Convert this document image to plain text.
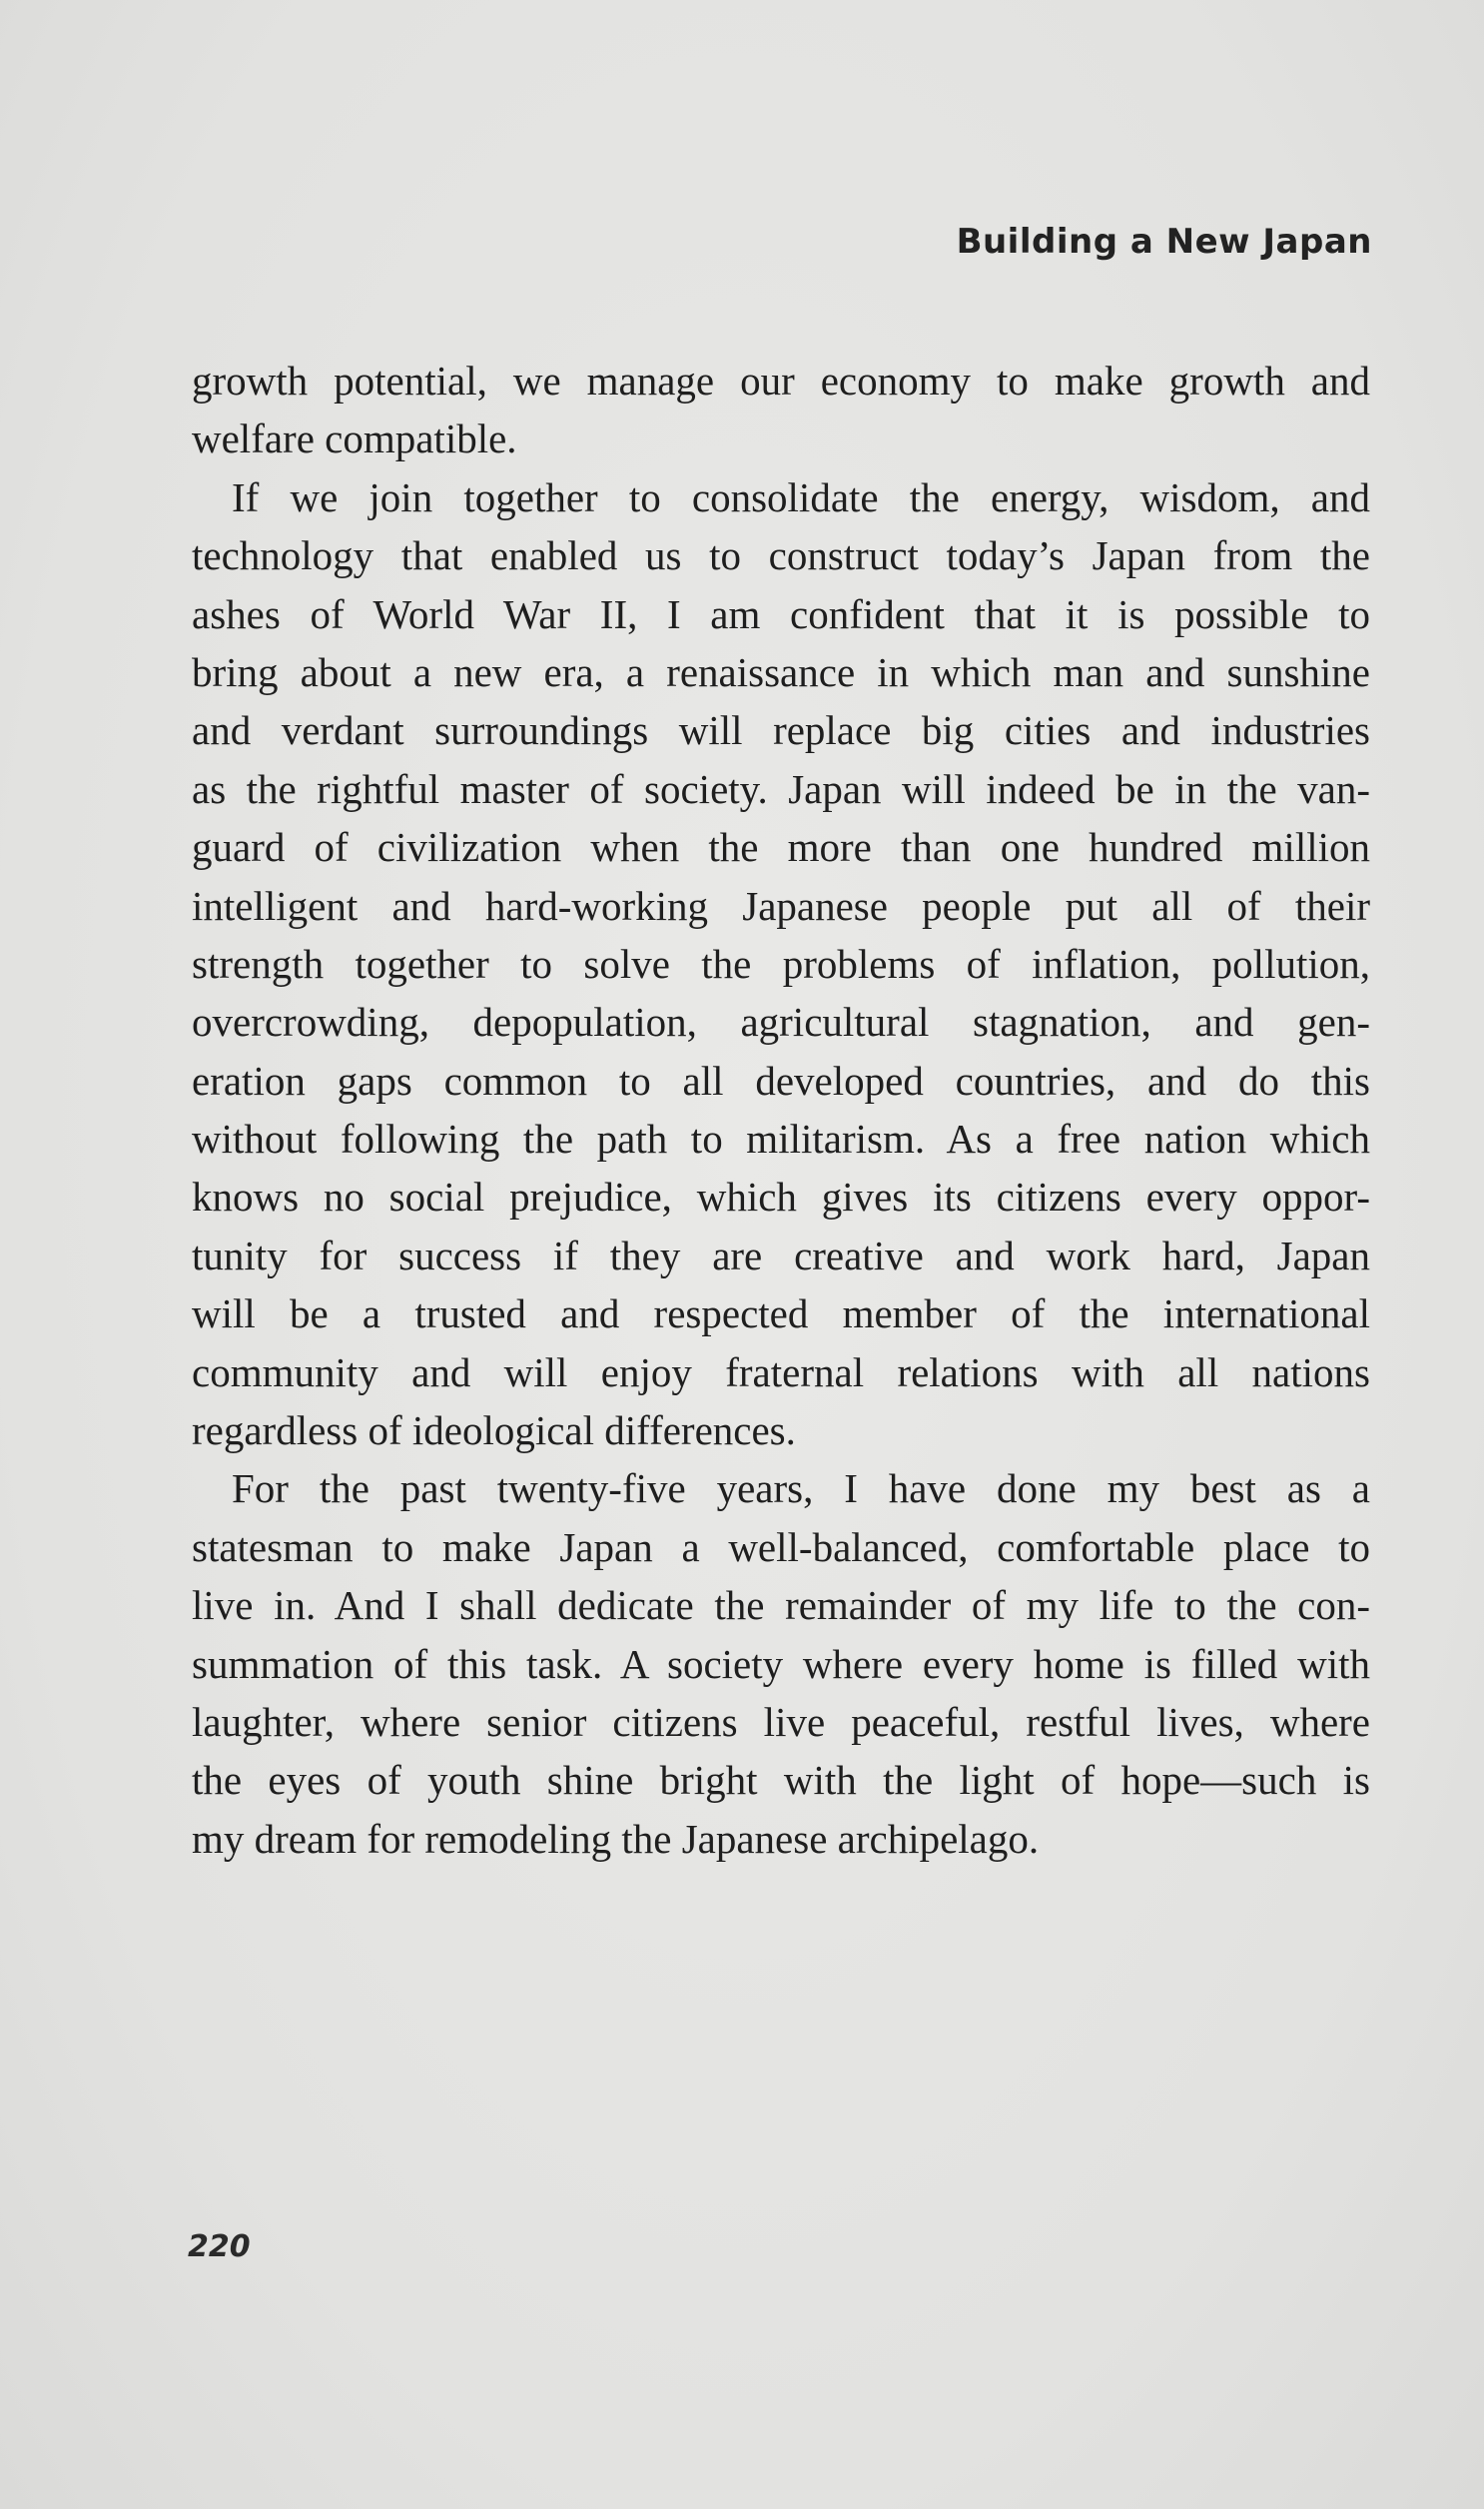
Building a New Japan
growth potential, we manage our economy to make growth and
welfare compatible.
If we join together to consolidate the energy, wisdom, and
technology that enabled us to construct today’s Japan from the
ashes of World War II, I am confident that it is possible to
bring about a new era, a renaissance in which man and sunshine
and verdant surroundings will replace big cities and industries
as the rightful master of society. Japan will indeed be in the van-
guard of civilization when the more than one hundred million
intelligent and hard-working Japanese people put all of their
strength together to solve the problems of inflation, pollution,
overcrowding, depopulation, agricultural stagnation, and gen-
eration gaps common to all developed countries, and do this
without following the path to militarism. As a free nation which
knows no social prejudice, which gives its citizens every oppor-
tunity for success if they are creative and work hard, Japan
will be a trusted and respected member of the international
community and will enjoy fraternal relations with all nations
regardless of ideological differences.
For the past twenty-five years, I have done my best as a
statesman to make Japan a well-balanced, comfortable place to
live in. And I shall dedicate the remainder of my life to the con-
summation of this task. A society where every home is filled with
laughter, where senior citizens live peaceful, restful lives, where
the eyes of youth shine bright with the light of hope—such is
my dream for remodeling the Japanese archipelago.
220
